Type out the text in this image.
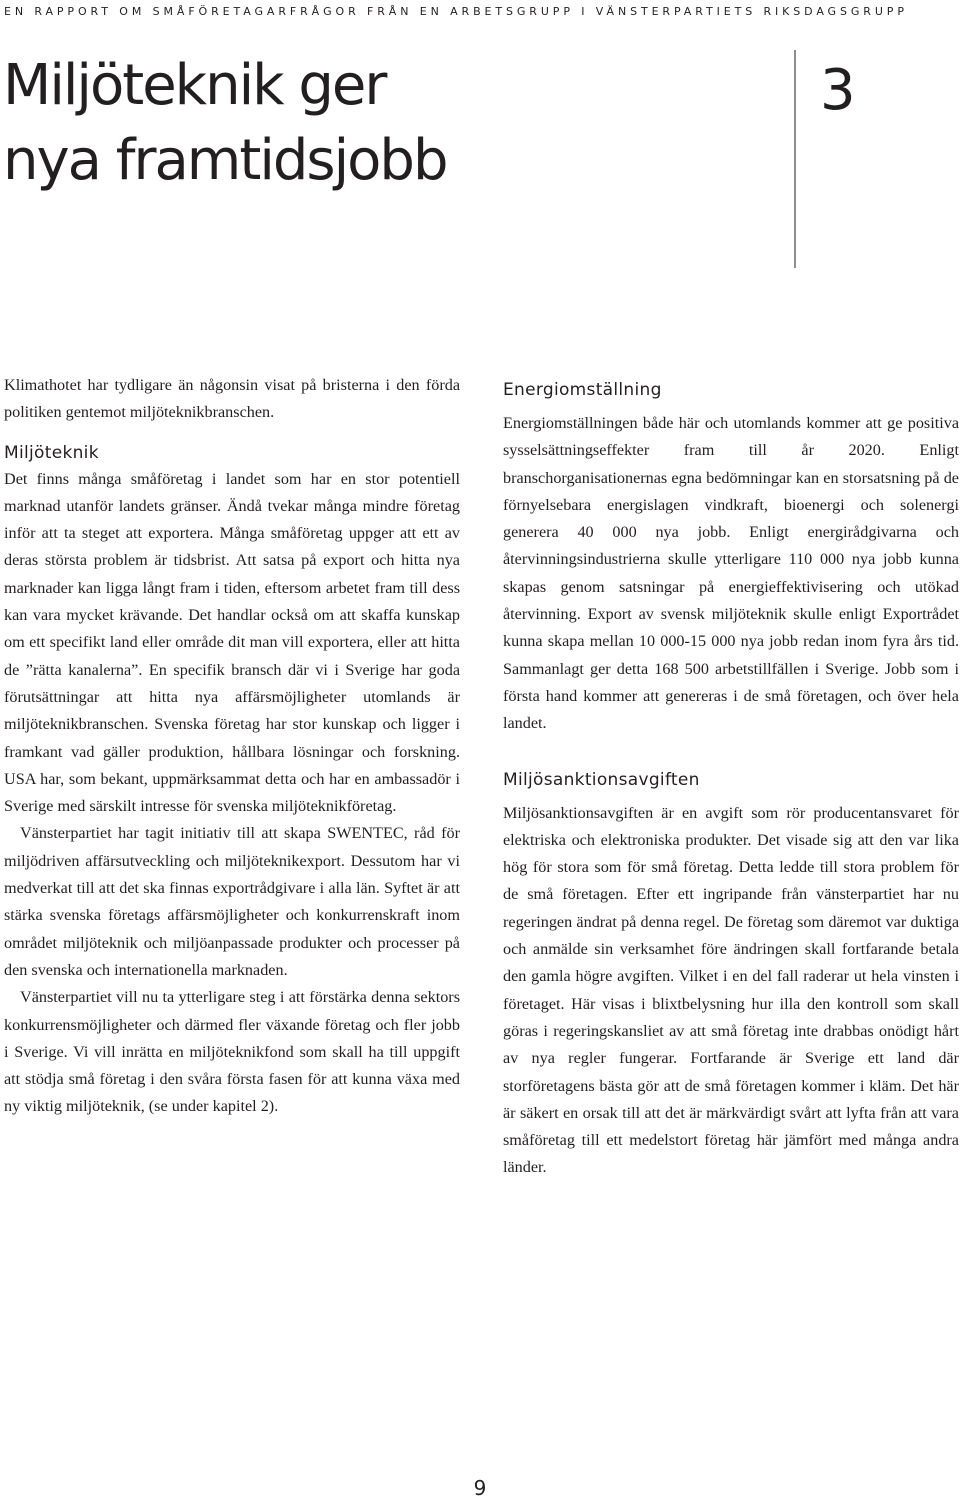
EN RAPPORT OM SMÅFÖRETAGARFRÅGOR FRÅN EN ARBETSGRUPP I VÄNSTERPARTIETS RIKSDAGSGRUPP
Miljöteknik ger
nya framtidsjobb
3

Klimathotet har tydligare än någonsin visat på bristerna i den förda politiken gentemot miljöteknikbranschen.

Miljöteknik

Det finns många småföretag i landet som har en stor potentiell marknad utanför landets gränser. Ändå tvekar många mindre företag inför att ta steget att exportera. Många småföretag uppger att ett av deras största problem är tidsbrist. Att satsa på export och hitta nya marknader kan ligga långt fram i tiden, eftersom arbetet fram till dess kan vara mycket krävande. Det handlar också om att skaffa kunskap om ett specifikt land eller område dit man vill exportera, eller att hitta de ”rätta kanalerna”. En specifik bransch där vi i Sverige har goda förutsättningar att hitta nya affärsmöjligheter utomlands är miljöteknikbranschen. Svenska företag har stor kunskap och ligger i framkant vad gäller produktion, hållbara lösningar och forskning. USA har, som bekant, uppmärksammat detta och har en ambassadör i Sverige med särskilt intresse för svenska miljöteknikföretag.

Vänsterpartiet har tagit initiativ till att skapa SWENTEC, råd för miljödriven affärsutveckling och miljöteknikexport. Dessutom har vi medverkat till att det ska finnas exportrådgivare i alla län. Syftet är att stärka svenska företags affärsmöjligheter och konkurrenskraft inom området miljöteknik och miljöanpassade produkter och processer på den svenska och internationella marknaden.

Vänsterpartiet vill nu ta ytterligare steg i att förstärka denna sektors konkurrensmöjligheter och därmed fler växande företag och fler jobb i Sverige. Vi vill inrätta en miljöteknikfond som skall ha till uppgift att stödja små företag i den svåra första fasen för att kunna växa med ny viktig miljöteknik, (se under kapitel 2).

Energiomställning

Energiomställningen både här och utomlands kommer att ge positiva sysselsättningseffekter fram till år 2020. Enligt branschorganisationernas egna bedömningar kan en storsatsning på de förnyelsebara energislagen vindkraft, bioenergi och solenergi generera 40 000 nya jobb. Enligt energirådgivarna och återvinningsindustrierna skulle ytterligare 110 000 nya jobb kunna skapas genom satsningar på energieffektivisering och utökad återvinning. Export av svensk miljöteknik skulle enligt Exportrådet kunna skapa mellan 10 000-15 000 nya jobb redan inom fyra års tid. Sammanlagt ger detta 168 500 arbetstillfällen i Sverige. Jobb som i första hand kommer att genereras i de små företagen, och över hela landet.

Miljösanktionsavgiften

Miljösanktionsavgiften är en avgift som rör producentansvaret för elektriska och elektroniska produkter. Det visade sig att den var lika hög för stora som för små företag. Detta ledde till stora problem för de små företagen. Efter ett ingripande från vänsterpartiet har nu regeringen ändrat på denna regel. De företag som däremot var duktiga och anmälde sin verksamhet före ändringen skall fortfarande betala den gamla högre avgiften. Vilket i en del fall raderar ut hela vinsten i företaget. Här visas i blixtbelysning hur illa den kontroll som skall göras i regeringskansliet av att små företag inte drabbas onödigt hårt av nya regler fungerar. Fortfarande är Sverige ett land där storföretagens bästa gör att de små företagen kommer i kläm. Det här är säkert en orsak till att det är märkvärdigt svårt att lyfta från att vara småföretag till ett medelstort företag här jämfört med många andra länder.

9
